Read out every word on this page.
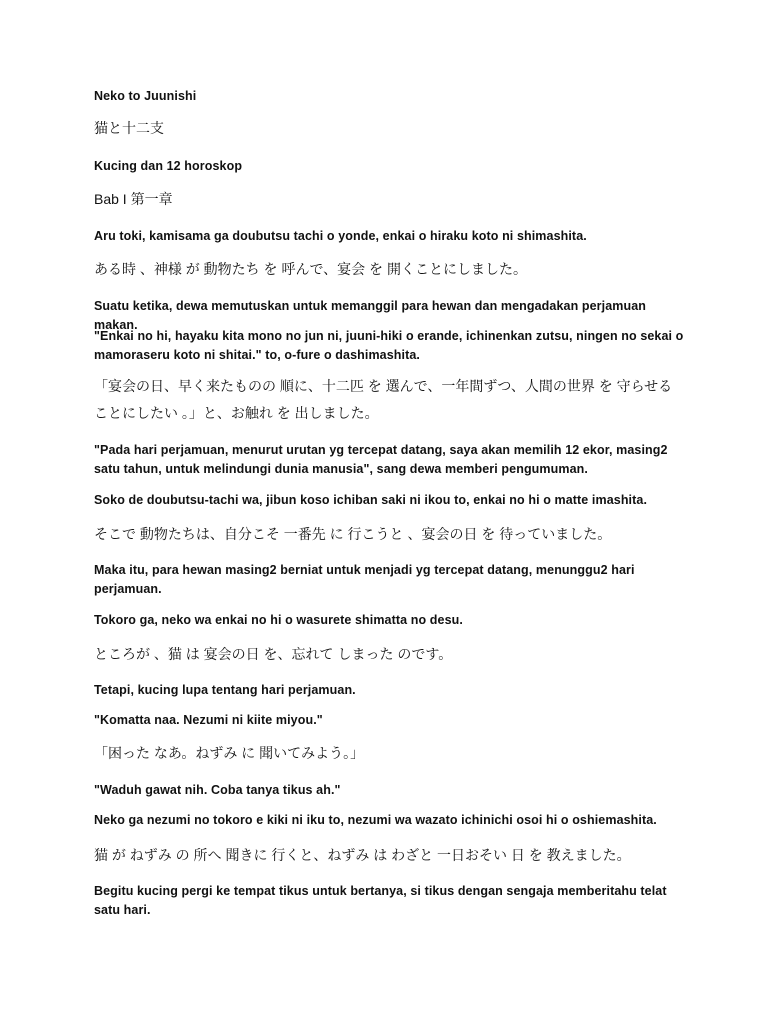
Neko to Juunishi

猫と十二支

Kucing dan 12 horoskop

Bab I 第一章

Aru toki, kamisama ga doubutsu tachi o yonde, enkai o hiraku koto ni shimashita.

ある時 、神様 が 動物たち を 呼んで、宴会 を 開くことにしました。

Suatu ketika, dewa memutuskan untuk memanggil para hewan dan mengadakan perjamuan makan.

"Enkai no hi, hayaku kita mono no jun ni, juuni-hiki o erande, ichinenkan zutsu, ningen no sekai o mamoraseru koto ni shitai." to, o-fure o dashimashita.

「宴会の日、早く来たものの 順に、十二匹 を 選んで、一年間ずつ、人間の世界 を 守らせる ことにしたい 。」と、お触れ を 出しました。

"Pada hari perjamuan, menurut urutan yg tercepat datang, saya akan memilih 12 ekor, masing2 satu tahun, untuk melindungi dunia manusia", sang dewa memberi pengumuman.

Soko de doubutsu-tachi wa, jibun koso ichiban saki ni ikou to, enkai no hi o matte imashita.

そこで 動物たちは、自分こそ 一番先 に 行こうと 、宴会の日 を 待っていました。

Maka itu, para hewan masing2 berniat untuk menjadi yg tercepat datang, menunggu2 hari perjamuan.

Tokoro ga, neko wa enkai no hi o wasurete shimatta no desu.

ところが 、猫 は 宴会の日 を、忘れて しまった のです。

Tetapi, kucing lupa tentang hari perjamuan.

"Komatta naa. Nezumi ni kiite miyou."

「困った なあ。ねずみ に 聞いてみよう。」

"Waduh gawat nih. Coba tanya tikus ah."

Neko ga nezumi no tokoro e kiki ni iku to, nezumi wa wazato ichinichi osoi hi o oshiemashita.

猫 が ねずみ の 所へ 聞きに 行くと、ねずみ は わざと 一日おそい 日 を 教えました。

Begitu kucing pergi ke tempat tikus untuk bertanya, si tikus dengan sengaja memberitahu telat satu hari.
